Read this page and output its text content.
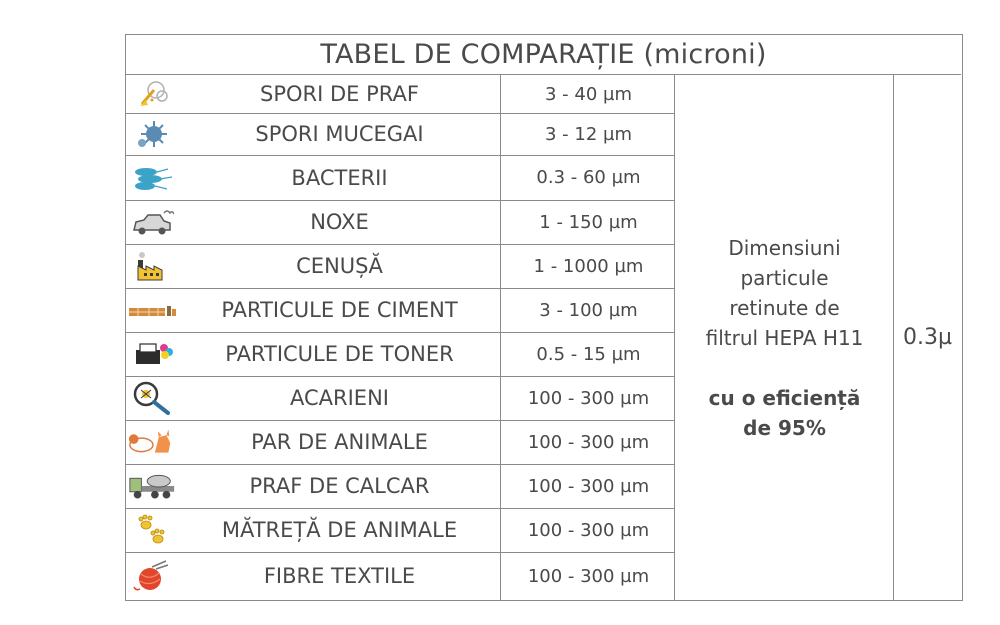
TABEL DE COMPARAȚIE (microni)
SPORI DE PRAF	3 - 40 µm
SPORI MUCEGAI	3 - 12 µm
BACTERII	0.3 - 60 µm
NOXE	1 - 150 µm
CENUȘĂ	1 - 1000 µm
PARTICULE DE CIMENT	3 - 100 µm
PARTICULE DE TONER	0.5 - 15 µm
ACARIENI	100 - 300 µm
PAR DE ANIMALE	100 - 300 µm
PRAF DE CALCAR	100 - 300 µm
MĂTREȚĂ DE ANIMALE	100 - 300 µm
FIBRE TEXTILE	100 - 300 µm
Dimensiuni
particule
retinute de
filtrul HEPA H11
cu o eficiență
de 95%
0.3µ
